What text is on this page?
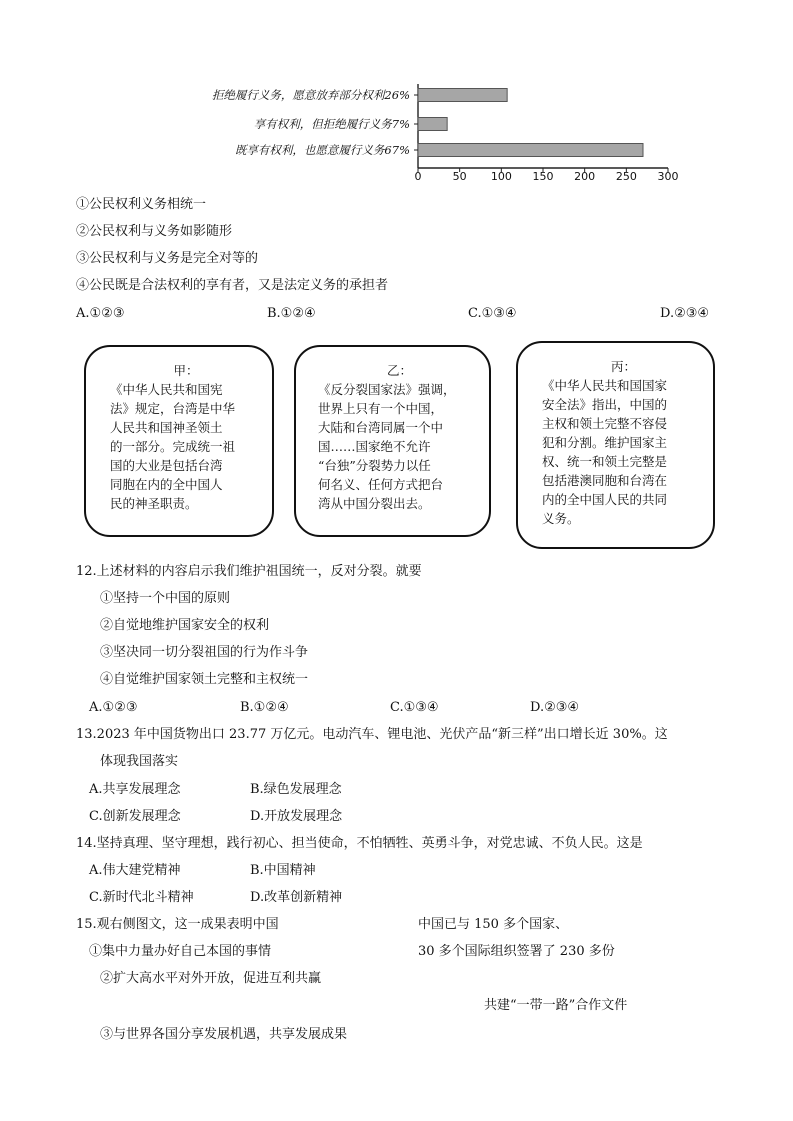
0	50 100 150 200 250 300
拒绝履行义务，愿意放弃部分权利26%
享有权利，但拒绝履行义务7%
既享有权利，也愿意履行义务67%
①公民权利义务相统一
②公民权利与义务如影随形
③公民权利与义务是完全对等的
④公民既是合法权利的享有者，又是法定义务的承担者
A.①②③	B.①②④	C.①③④	D.②③④
甲：
《中华人民共和国宪
法》规定，台湾是中华
人民共和国神圣领土
的一部分。完成统一祖
国的大业是包括台湾
同胞在内的全中国人
民的神圣职责。
乙：
《反分裂国家法》强调，
世界上只有一个中国，
大陆和台湾同属一个中
国……国家绝不允许
“台独”分裂势力以任
何名义、任何方式把台
湾从中国分裂出去。
丙：
《中华人民共和国国家
安全法》指出，中国的
主权和领土完整不容侵
犯和分割。维护国家主
权、统一和领土完整是
包括港澳同胞和台湾在
内的全中国人民的共同
义务。
12.上述材料的内容启示我们维护祖国统一，反对分裂。就要
①坚持一个中国的原则
②自觉地维护国家安全的权利
③坚决同一切分裂祖国的行为作斗争
④自觉维护国家领土完整和主权统一
A.①②③	B.①②④	C.①③④	D.②③④
13.2023 年中国货物出口 23.77 万亿元。电动汽车、锂电池、光伏产品“新三样”出口增长近 30%。这
体现我国落实
A.共享发展理念	B.绿色发展理念
C.创新发展理念	D.开放发展理念
14.坚持真理、坚守理想，践行初心、担当使命，不怕牺牲、英勇斗争，对党忠诚、不负人民。这是
A.伟大建党精神	B.中国精神
C.新时代北斗精神	D.改革创新精神
15.观右侧图文，这一成果表明中国
①集中力量办好自己本国的事情
②扩大高水平对外开放，促进互利共赢
③与世界各国分享发展机遇，共享发展成果
中国已与 150 多个国家、
30 多个国际组织签署了 230 多份
共建“一带一路”合作文件
